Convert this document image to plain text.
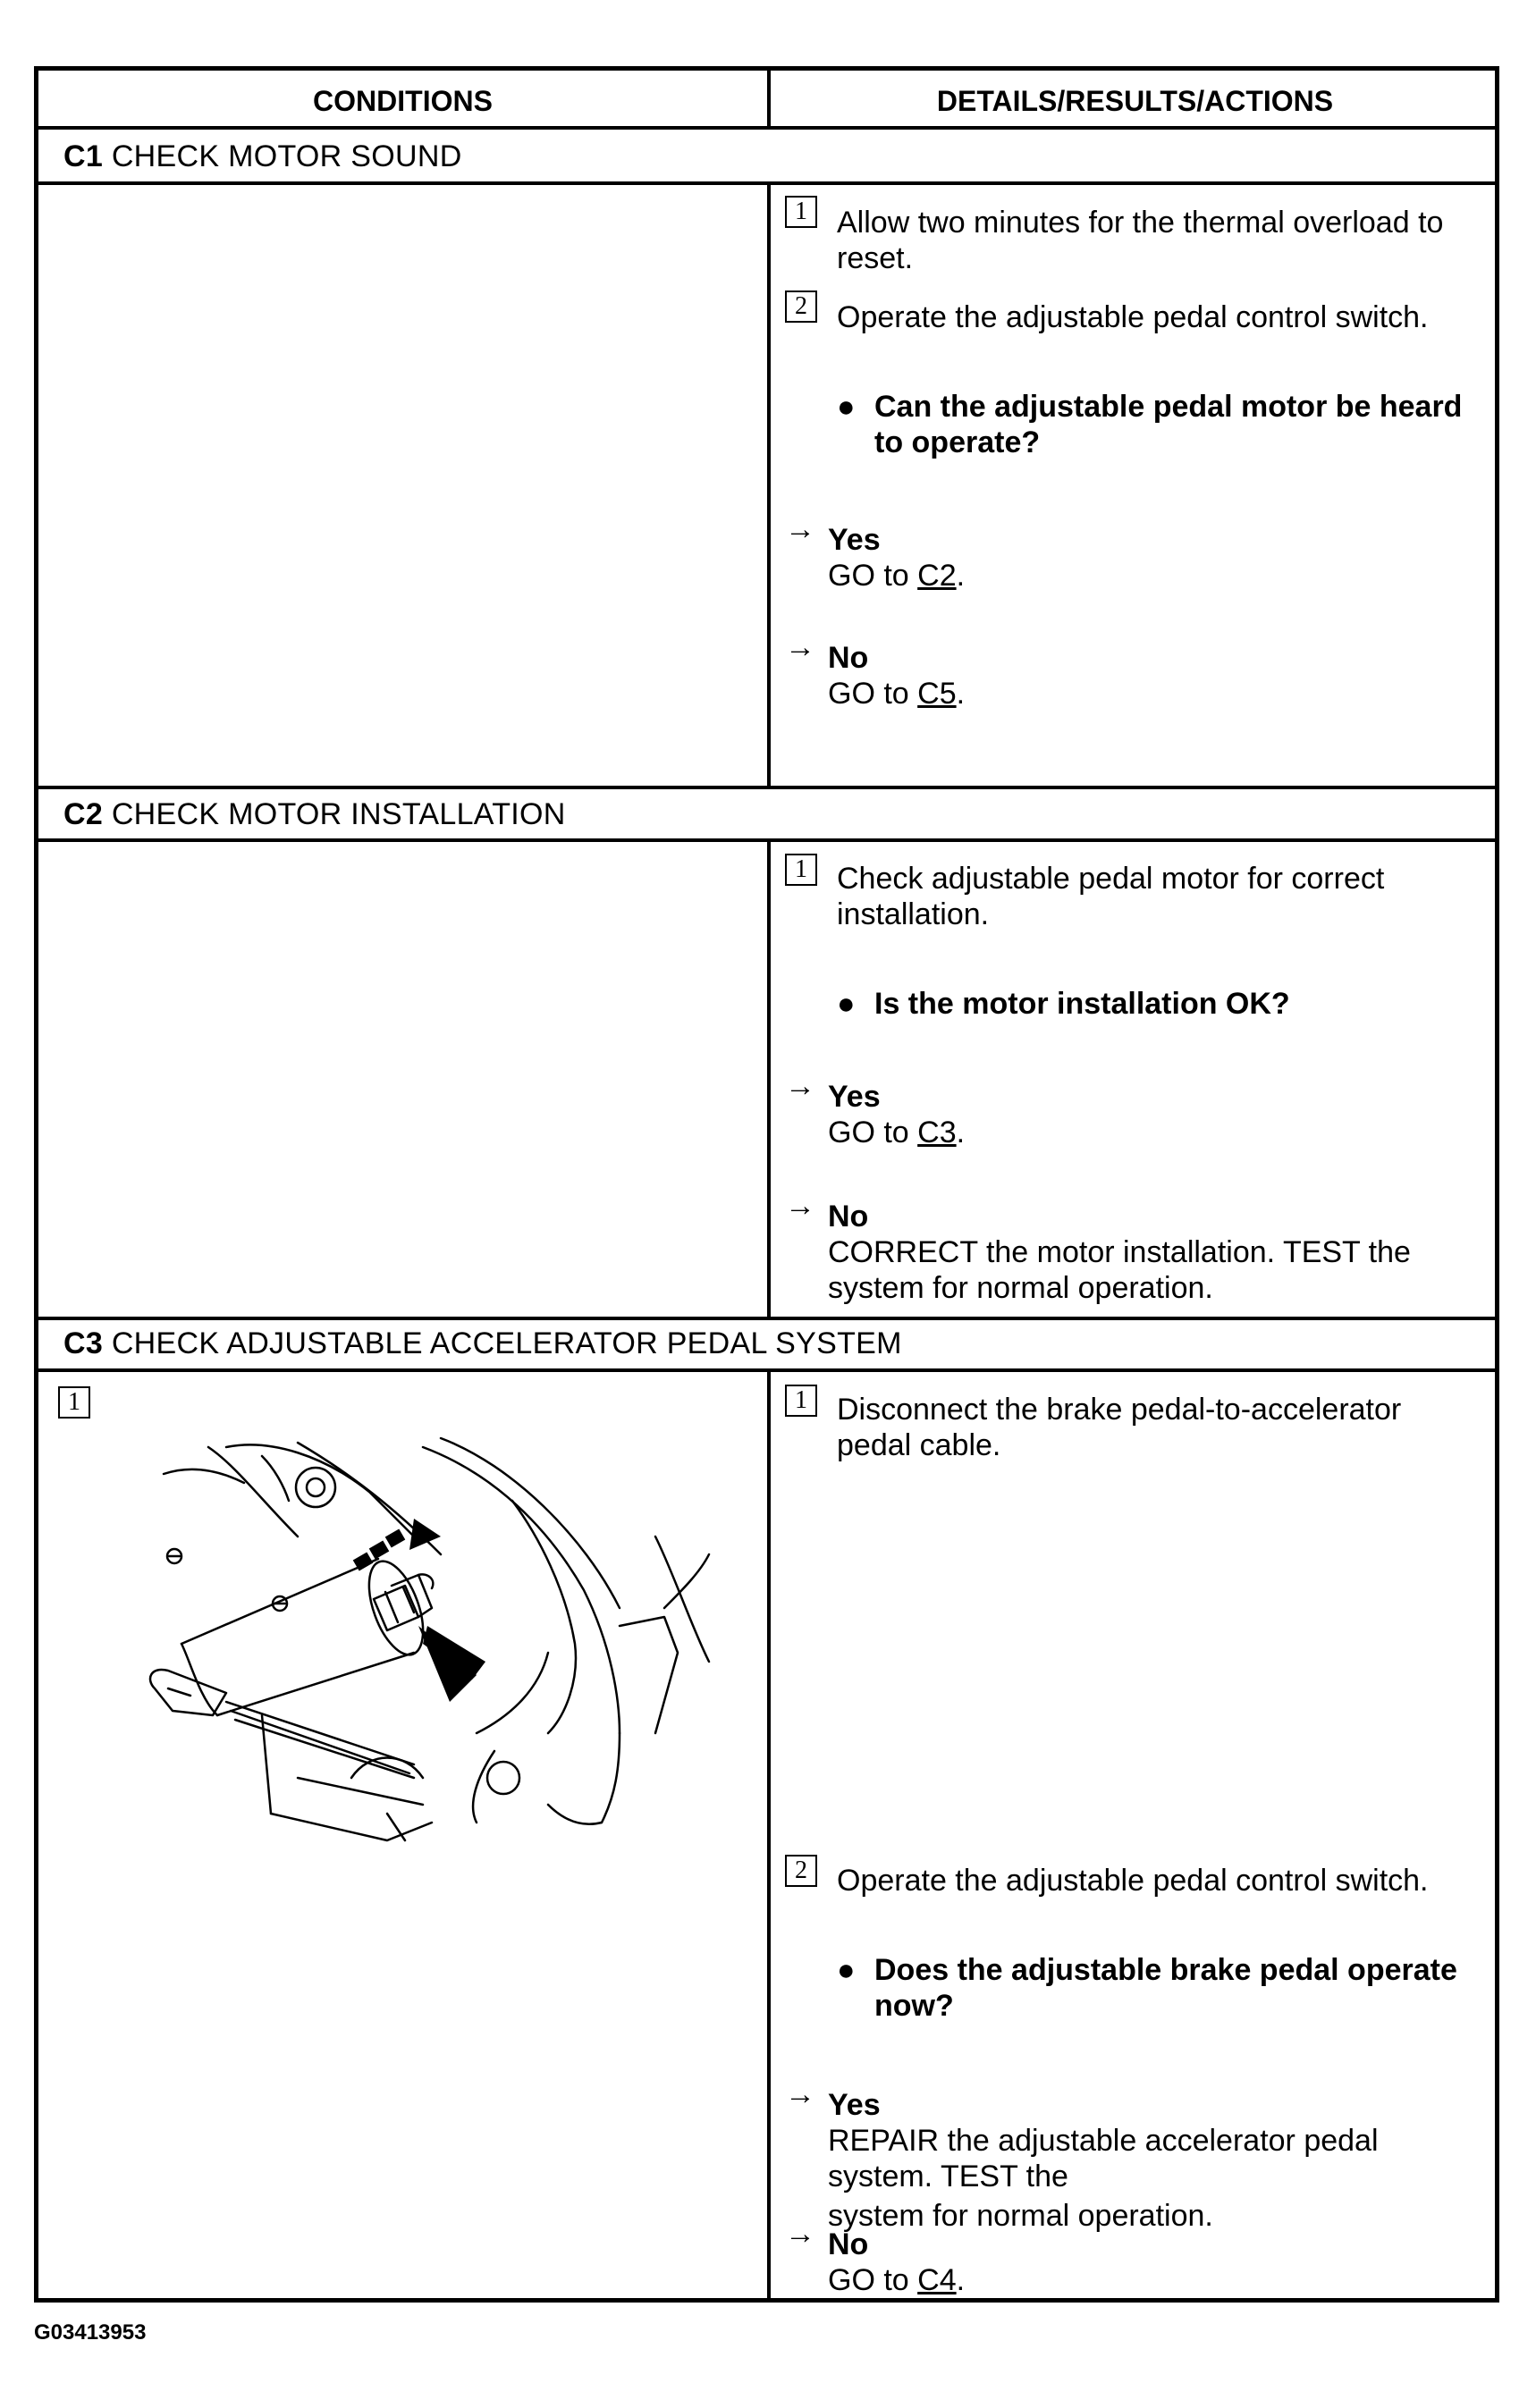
CONDITIONS	DETAILS/RESULTS/ACTIONS
C1 CHECK MOTOR SOUND
1 Allow two minutes for the thermal overload to
reset.
2 Operate the adjustable pedal control switch.
● Can the adjustable pedal motor be heard
to operate?
→ Yes
GO to C2.
→ No
GO to C5.
C2 CHECK MOTOR INSTALLATION
1 Check adjustable pedal motor for correct
installation.
● Is the motor installation OK?
→ Yes
GO to C3.
→ No
CORRECT the motor installation. TEST the
system for normal operation.
C3 CHECK ADJUSTABLE ACCELERATOR PEDAL SYSTEM
1	1 Disconnect the brake pedal-to-accelerator
pedal cable.
2 Operate the adjustable pedal control switch.
● Does the adjustable brake pedal operate
now?
→ Yes
REPAIR the adjustable accelerator pedal
system. TEST the
system for normal operation.
→ No
GO to C4.
G03413953
